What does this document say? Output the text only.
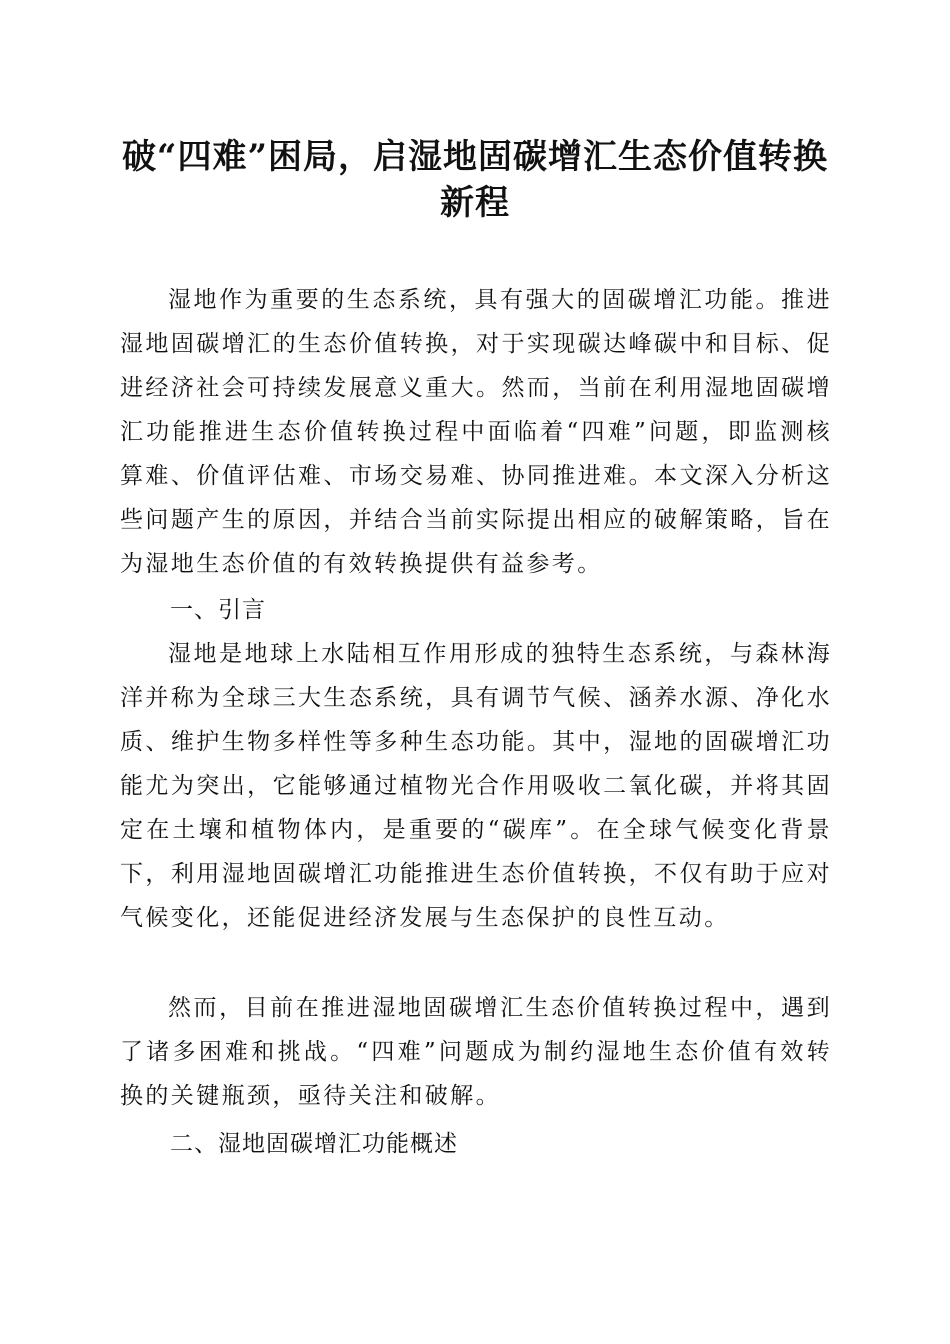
破“四难”困局，启湿地固碳增汇生态价值转换新程

湿地作为重要的生态系统，具有强大的固碳增汇功能。推进湿地固碳增汇的生态价值转换，对于实现碳达峰碳中和目标、促进经济社会可持续发展意义重大。然而，当前在利用湿地固碳增汇功能推进生态价值转换过程中面临着“四难”问题，即监测核算难、价值评估难、市场交易难、协同推进难。本文深入分析这些问题产生的原因，并结合当前实际提出相应的破解策略，旨在为湿地生态价值的有效转换提供有益参考。

一、引言

湿地是地球上水陆相互作用形成的独特生态系统，与森林海洋并称为全球三大生态系统，具有调节气候、涵养水源、净化水质、维护生物多样性等多种生态功能。其中，湿地的固碳增汇功能尤为突出，它能够通过植物光合作用吸收二氧化碳，并将其固定在土壤和植物体内，是重要的“碳库”。在全球气候变化背景下，利用湿地固碳增汇功能推进生态价值转换，不仅有助于应对气候变化，还能促进经济发展与生态保护的良性互动。

然而，目前在推进湿地固碳增汇生态价值转换过程中，遇到了诸多困难和挑战。“四难”问题成为制约湿地生态价值有效转换的关键瓶颈，亟待关注和破解。

二、湿地固碳增汇功能概述
